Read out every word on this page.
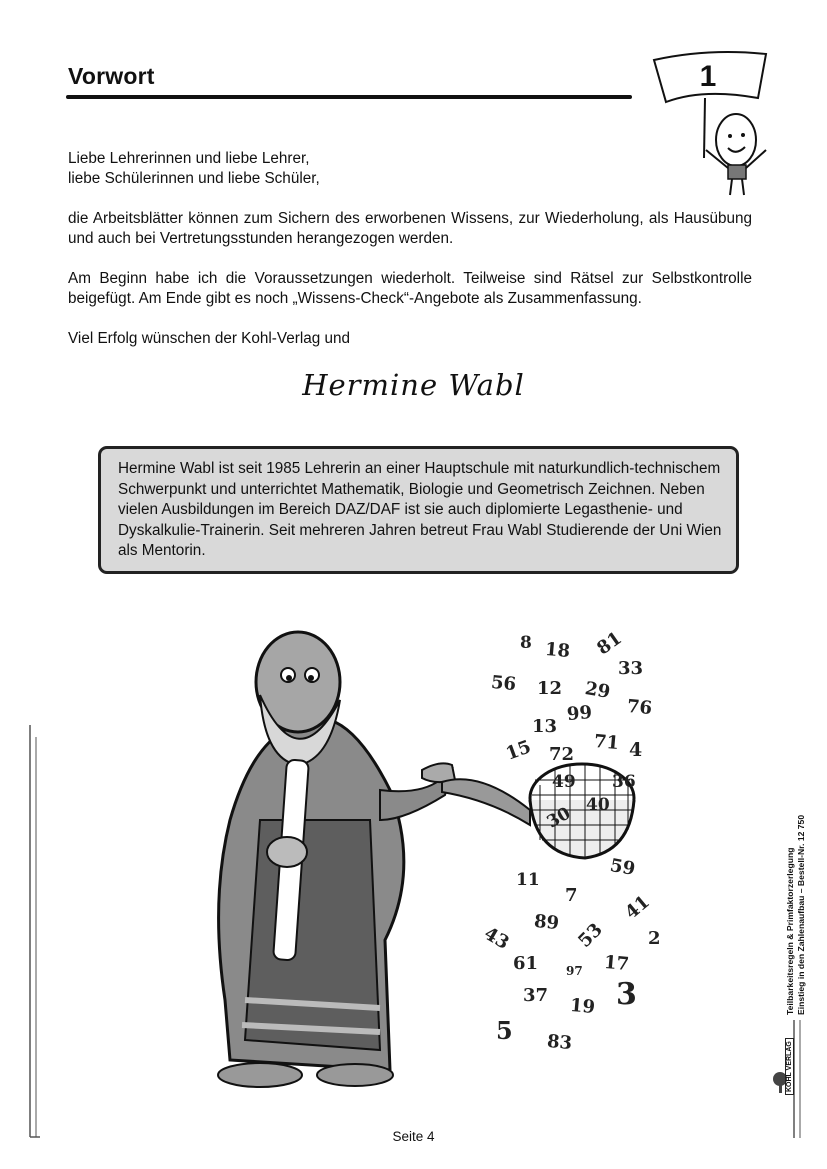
Vorwort	1
Liebe Lehrerinnen und liebe Lehrer,
liebe Schülerinnen und liebe Schüler,
die Arbeitsblätter können zum Sichern des erworbenen Wissens, zur Wiederholung, als Hausübung und auch bei Vertretungsstunden herangezogen werden.
Am Beginn habe ich die Voraussetzungen wiederholt. Teilweise sind Rätsel zur Selbstkontrolle beigefügt. Am Ende gibt es noch „Wissens-Check“-Angebote als Zusammenfassung.
Viel Erfolg wünschen der Kohl-Verlag und
Hermine Wabl
Hermine Wabl ist seit 1985 Lehrerin an einer Hauptschule mit naturkundlich-technischem Schwerpunkt und unterrichtet Mathematik, Biologie und Geometrisch Zeichnen. Neben vielen Ausbildungen im Bereich DAZ/DAF ist sie auch diplomierte Legasthenie- und Dyskalkulie-Trainerin. Seit mehreren Jahren betreut Frau Wabl Studierende der Uni Wien als Mentorin.
8 18 81
33
56 12 29
76
99
13
71 4
15 72
11
7
59
41
89
43	53 2
61 97 17
37 19 3
5 83
49 36
40
30
Teilbarkeitsregeln & Primfaktorzerlegung Einstieg in den Zahlenaufbau – Bestell-Nr. 12 750
KOHL VERLAG
Seite 4
